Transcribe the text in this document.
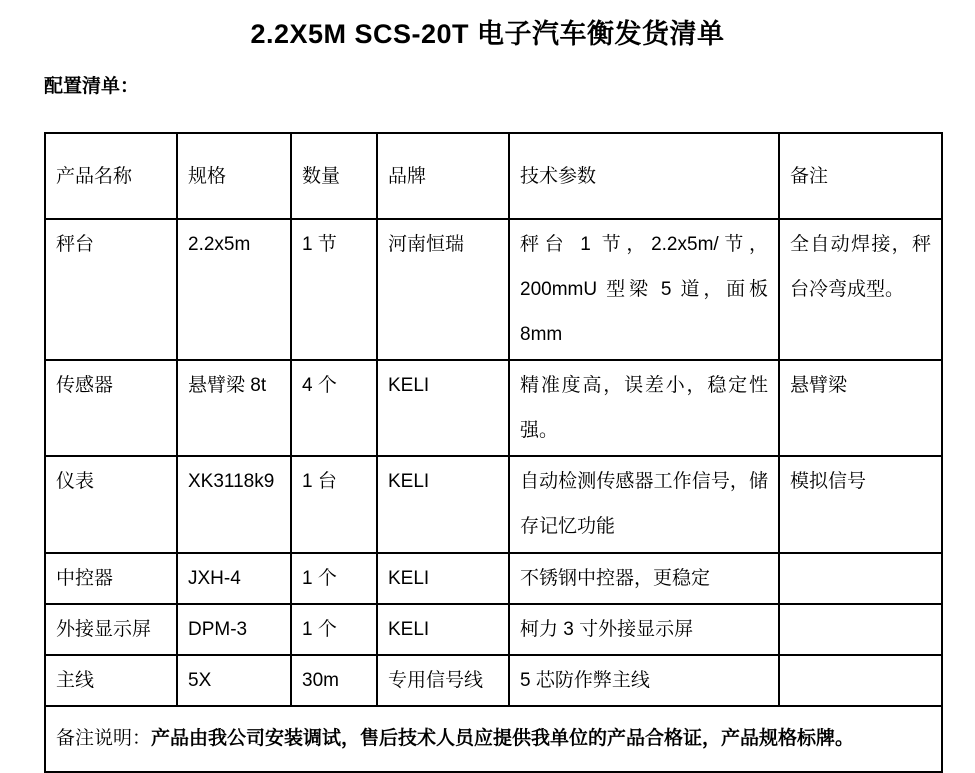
2.2X5M SCS-20T 电子汽车衡发货清单
配置清单：
产品名称	规格	数量	品牌	技术参数	备注
秤台	2.2x5m	1 节	河南恒瑞	秤台 1 节，2.2x5m/节，200mmU 型梁 5 道，面板 8mm	全自动焊接，秤台冷弯成型。
传感器	悬臂梁 8t	4 个	KELI	精准度高，误差小，稳定性强。	悬臂梁
仪表	XK3118k9	1 台	KELI	自动检测传感器工作信号，储存记忆功能	模拟信号
中控器	JXH-4	1 个	KELI	不锈钢中控器，更稳定	
外接显示屏	DPM-3	1 个	KELI	柯力 3 寸外接显示屏	
主线	5X	30m	专用信号线	5 芯防作弊主线	
备注说明：产品由我公司安装调试，售后技术人员应提供我单位的产品合格证，产品规格标牌。					
